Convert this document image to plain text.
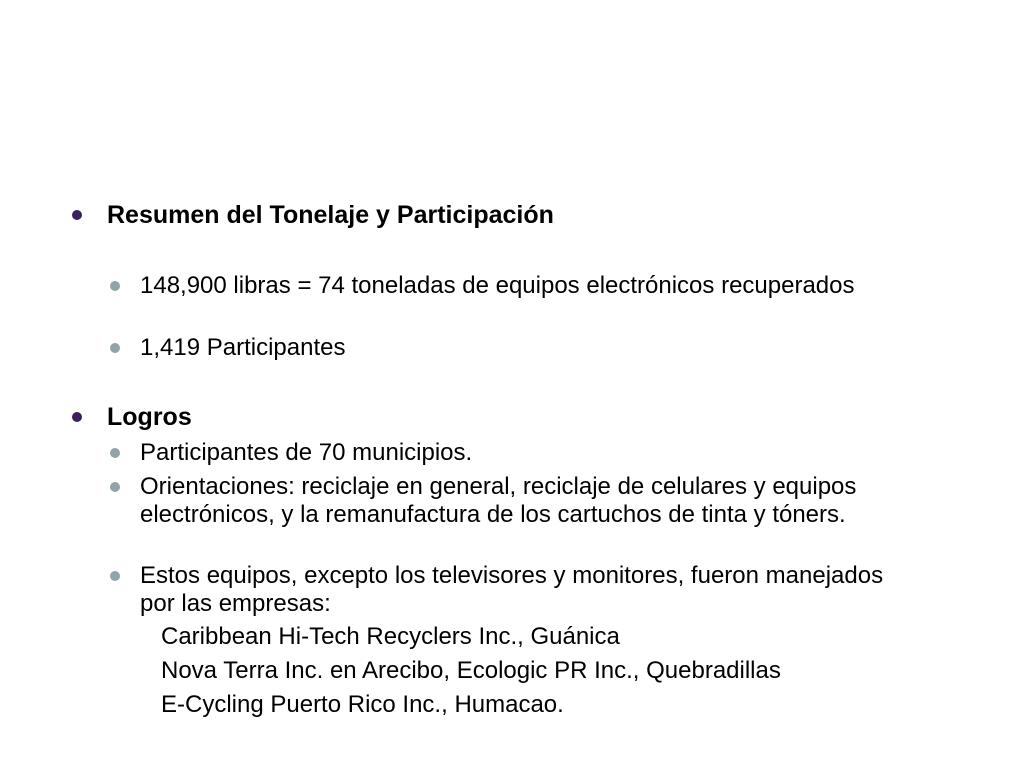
Resumen del Tonelaje y Participación
148,900 libras = 74 toneladas de equipos electrónicos recuperados
1,419 Participantes
Logros
Participantes de 70 municipios.
Orientaciones: reciclaje en general, reciclaje de celulares y equipos electrónicos, y la remanufactura de los cartuchos de tinta y tóners.
Estos equipos, excepto los televisores y monitores, fueron manejados por las empresas:
Caribbean Hi-Tech Recyclers Inc., Guánica
Nova Terra Inc. en Arecibo, Ecologic PR Inc., Quebradillas
E-Cycling Puerto Rico Inc., Humacao.
